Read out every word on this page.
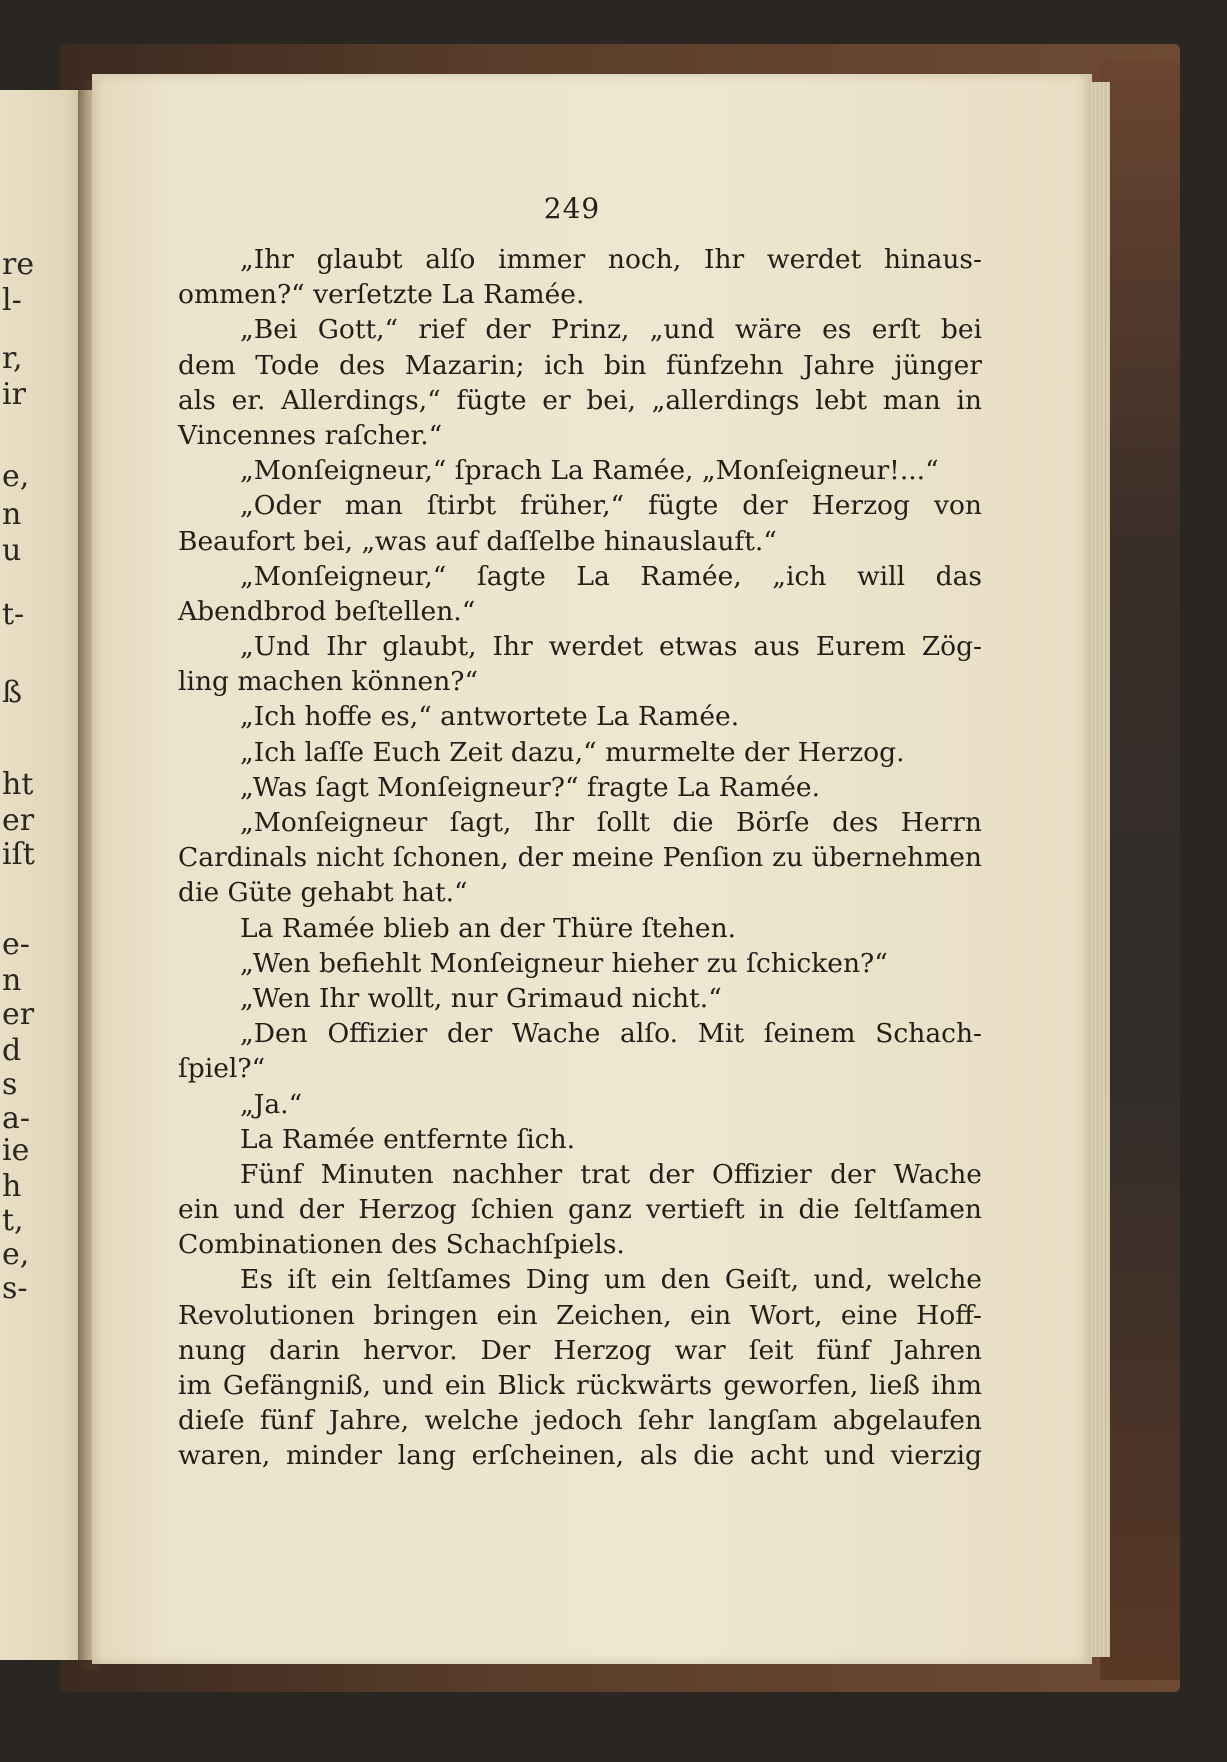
re
l-
r,
ir
e,
n
u
t-
ß
ht
er
iſt
e-
n
er
d
s
a-
ie
h
t,
e,
s-
249
„Ihr glaubt alſo immer noch, Ihr werdet hinaus-
ommen?“ verſetzte La Ramée.
„Bei Gott,“ rief der Prinz, „und wäre es erſt bei
dem Tode des Mazarin; ich bin fünfzehn Jahre jünger
als er. Allerdings,“ fügte er bei, „allerdings lebt man in
Vincennes raſcher.“
„Monſeigneur,“ ſprach La Ramée, „Monſeigneur!...“
„Oder man ſtirbt früher,“ fügte der Herzog von
Beaufort bei, „was auf daſſelbe hinauslauft.“
„Monſeigneur,“ ſagte La Ramée, „ich will das
Abendbrod beſtellen.“
„Und Ihr glaubt, Ihr werdet etwas aus Eurem Zög-
ling machen können?“
„Ich hoffe es,“ antwortete La Ramée.
„Ich laſſe Euch Zeit dazu,“ murmelte der Herzog.
„Was ſagt Monſeigneur?“ fragte La Ramée.
„Monſeigneur ſagt, Ihr ſollt die Börſe des Herrn
Cardinals nicht ſchonen, der meine Penſion zu übernehmen
die Güte gehabt hat.“
La Ramée blieb an der Thüre ſtehen.
„Wen befiehlt Monſeigneur hieher zu ſchicken?“
„Wen Ihr wollt, nur Grimaud nicht.“
„Den Offizier der Wache alſo. Mit ſeinem Schach-
ſpiel?“
„Ja.“
La Ramée entfernte ſich.
Fünf Minuten nachher trat der Offizier der Wache
ein und der Herzog ſchien ganz vertieft in die ſeltſamen
Combinationen des Schachſpiels.
Es iſt ein ſeltſames Ding um den Geiſt, und, welche
Revolutionen bringen ein Zeichen, ein Wort, eine Hoff-
nung darin hervor. Der Herzog war ſeit fünf Jahren
im Gefängniß, und ein Blick rückwärts geworfen, ließ ihm
dieſe fünf Jahre, welche jedoch ſehr langſam abgelaufen
waren, minder lang erſcheinen, als die acht und vierzig
